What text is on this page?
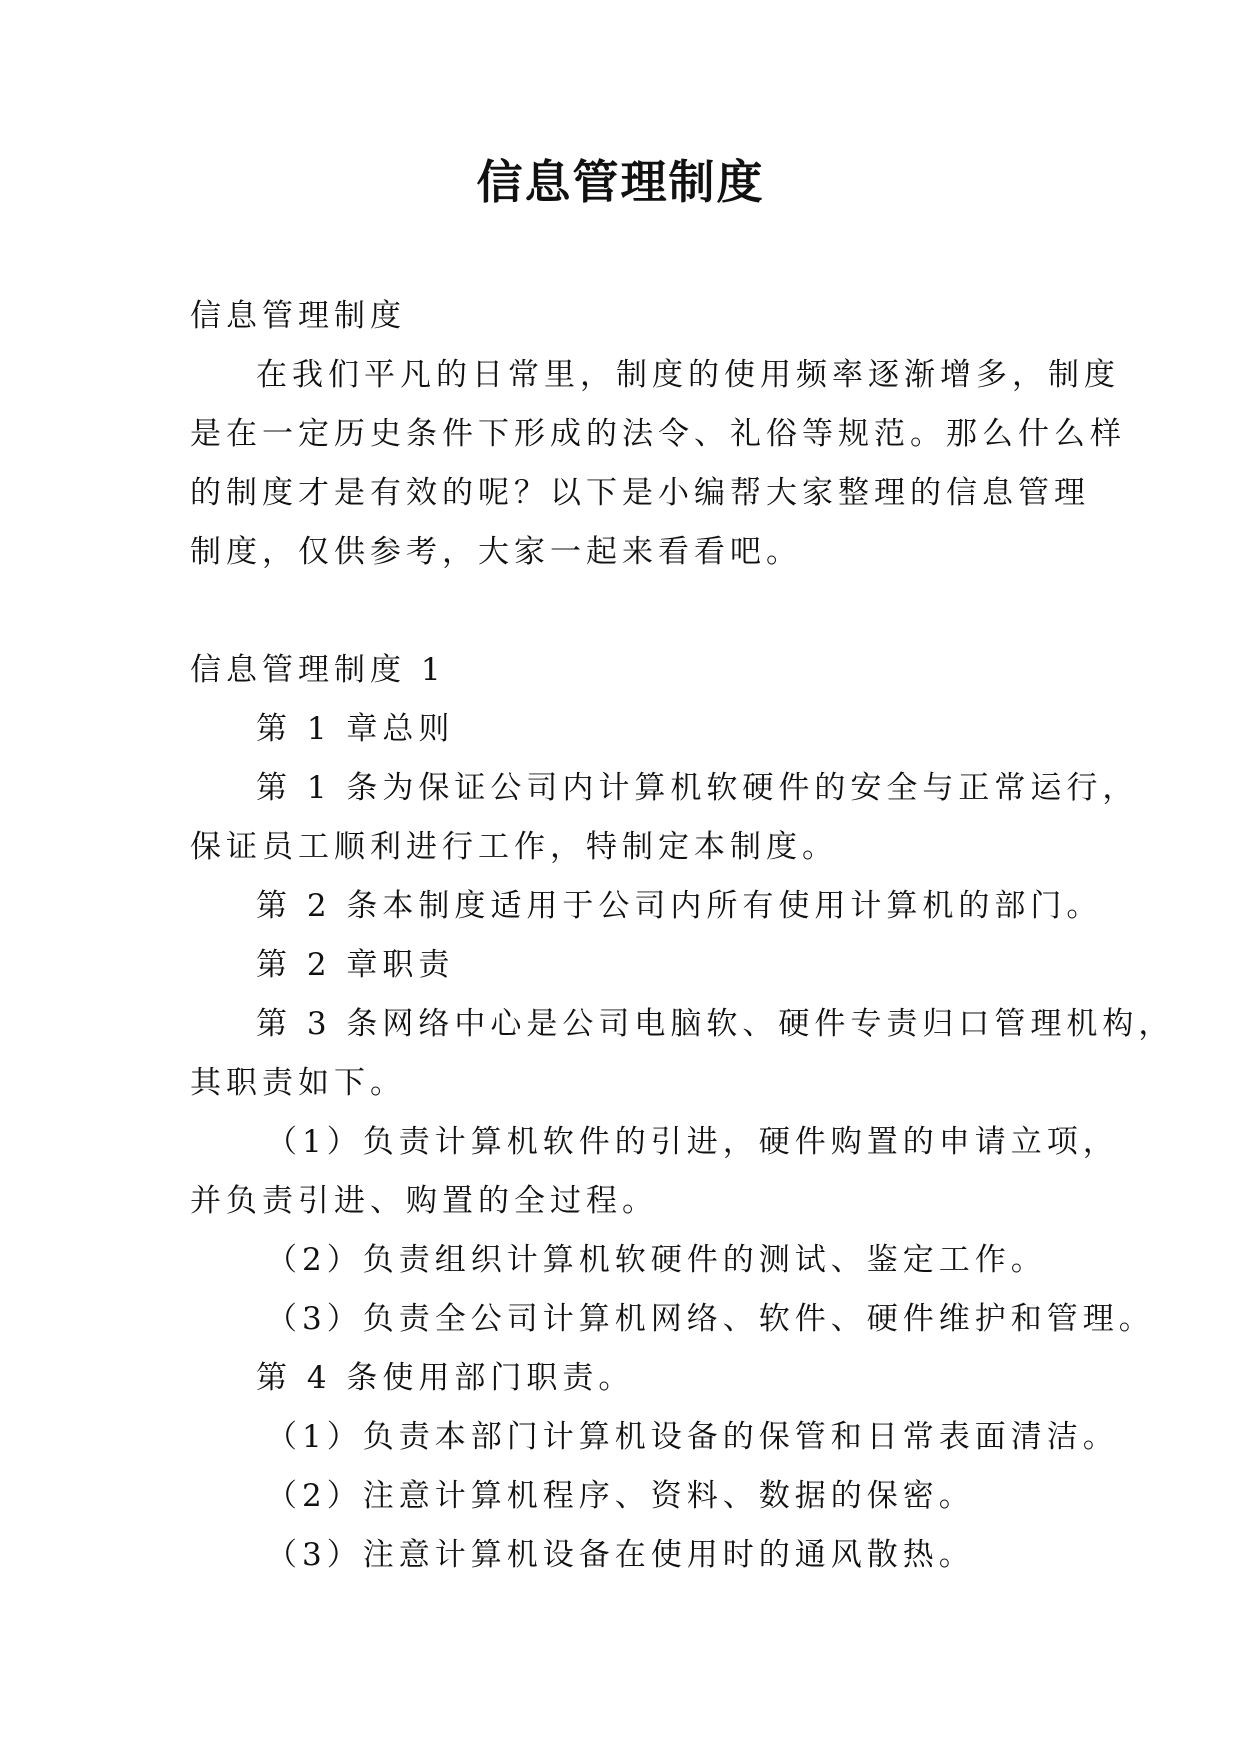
信息管理制度
信息管理制度
在我们平凡的日常里，制度的使用频率逐渐增多，制度
是在一定历史条件下形成的法令、礼俗等规范。那么什么样
的制度才是有效的呢？以下是小编帮大家整理的信息管理
制度，仅供参考，大家一起来看看吧。
信息管理制度 1
第 1 章总则
第 1 条为保证公司内计算机软硬件的安全与正常运行，
保证员工顺利进行工作，特制定本制度。
第 2 条本制度适用于公司内所有使用计算机的部门。
第 2 章职责
第 3 条网络中心是公司电脑软、硬件专责归口管理机构，
其职责如下。
（1）负责计算机软件的引进，硬件购置的申请立项，
并负责引进、购置的全过程。
（2）负责组织计算机软硬件的测试、鉴定工作。
（3）负责全公司计算机网络、软件、硬件维护和管理。
第 4 条使用部门职责。
（1）负责本部门计算机设备的保管和日常表面清洁。
（2）注意计算机程序、资料、数据的保密。
（3）注意计算机设备在使用时的通风散热。
